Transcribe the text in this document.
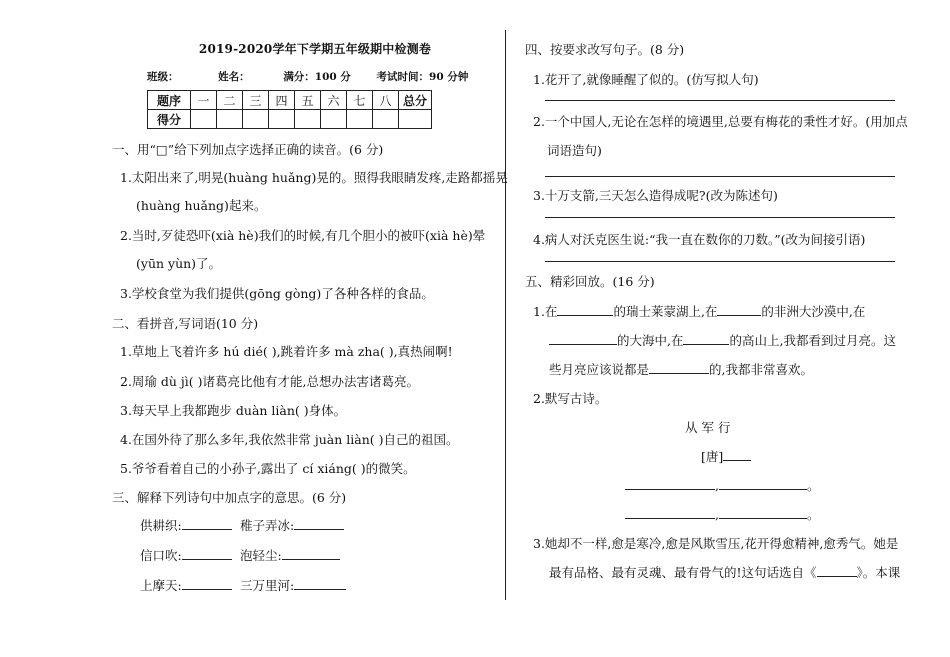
2019-2020学年下学期五年级期中检测卷
班级：	姓名：	满分：100 分 考试时间：90 分钟
题序	一	二	三	四	五	六	七	八	总分
得分									
一、用“□”给下列加点字选择正确的读音。(6 分)
1.太阳出来了,明晃(huàng huǎng)晃的。照得我眼睛发疼,走路都摇晃
(huàng huǎng)起来。
2.当时,歹徒恐吓(xià hè)我们的时候,有几个胆小的被吓(xià hè)晕
(yūn yùn)了。
3.学校食堂为我们提供(gōng gòng)了各种各样的食品。
二、看拼音,写词语(10 分)
1.草地上飞着许多 hú dié( ),跳着许多 mà zha( ),真热闹啊!
2.周瑜 dù jì( )诸葛亮比他有才能,总想办法害诸葛亮。
3.每天早上我都跑步 duàn liàn( )身体。
4.在国外待了那么多年,我依然非常 juàn liàn( )自己的祖国。
5.爷爷看着自己的小孙子,露出了 cí xiáng( )的微笑。
三、解释下列诗句中加点字的意思。(6 分)
供耕织:	稚子弄冰:
信口吹:	泡轻尘:
上摩天:	三万里河:
四、按要求改写句子。(8 分)
1.花开了,就像睡醒了似的。(仿写拟人句)
2.一个中国人,无论在怎样的境遇里,总要有梅花的秉性才好。(用加点
词语造句)
3.十万支箭,三天怎么造得成呢?(改为陈述句)
4.病人对沃克医生说:“我一直在数你的刀数。”(改为间接引语)
五、精彩回放。(16 分)
1.在	的瑞士莱蒙湖上,在	的非洲大沙漠中,在
的大海中,在	的高山上,我都看到过月亮。这
些月亮应该说都是	的,我都非常喜欢。
2.默写古诗。
从 军 行
[唐]
,	。
,	。
3.她却不一样,愈是寒冷,愈是风欺雪压,花开得愈精神,愈秀气。她是
最有品格、最有灵魂、最有骨气的!这句话选自《	》。本课
